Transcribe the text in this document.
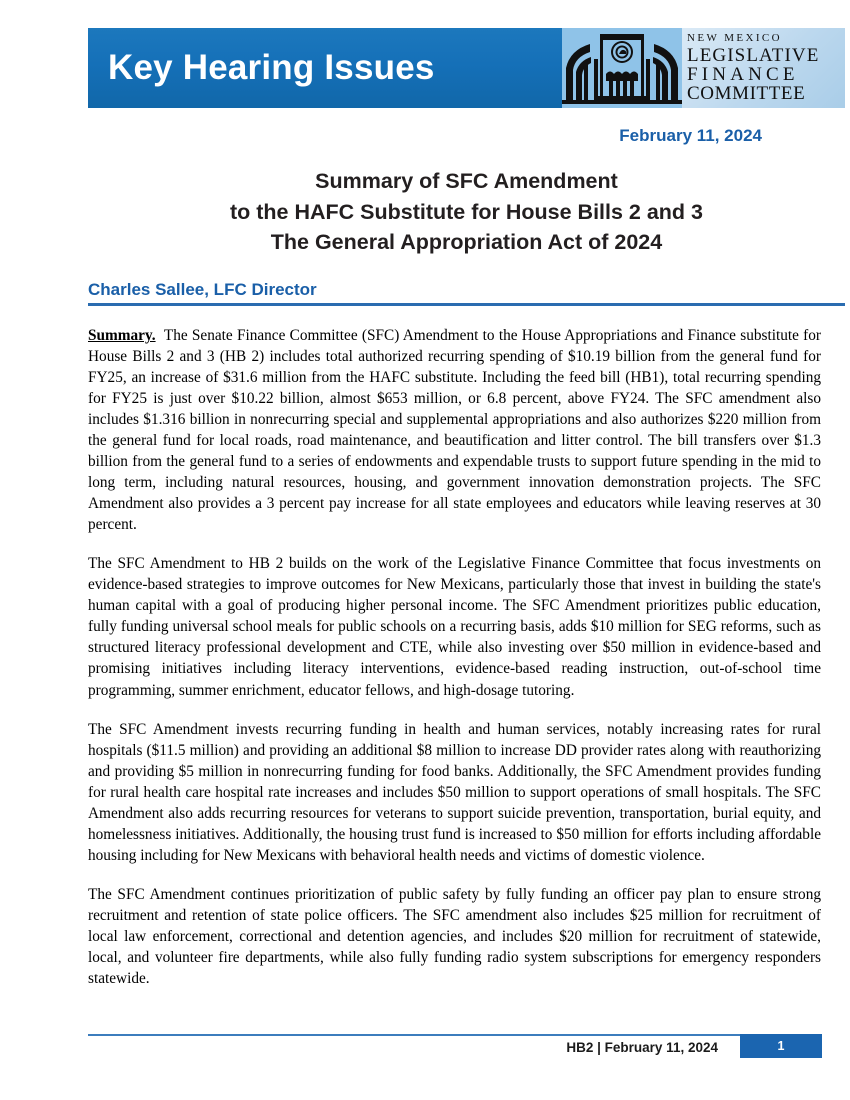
Key Hearing Issues
NEW MEXICO
LEGISLATIVE
FINANCE
COMMITTEE
February 11, 2024
Summary of SFC Amendment
to the HAFC Substitute for House Bills 2 and 3
The General Appropriation Act of 2024
Charles Sallee, LFC Director

Summary. The Senate Finance Committee (SFC) Amendment to the House Appropriations and Finance substitute for House Bills 2 and 3 (HB 2) includes total authorized recurring spending of $10.19 billion from the general fund for FY25, an increase of $31.6 million from the HAFC substitute. Including the feed bill (HB1), total recurring spending for FY25 is just over $10.22 billion, almost $653 million, or 6.8 percent, above FY24. The SFC amendment also includes $1.316 billion in nonrecurring special and supplemental appropriations and also authorizes $220 million from the general fund for local roads, road maintenance, and beautification and litter control. The bill transfers over $1.3 billion from the general fund to a series of endowments and expendable trusts to support future spending in the mid to long term, including natural resources, housing, and government innovation demonstration projects. The SFC Amendment also provides a 3 percent pay increase for all state employees and educators while leaving reserves at 30 percent.

The SFC Amendment to HB 2 builds on the work of the Legislative Finance Committee that focus investments on evidence-based strategies to improve outcomes for New Mexicans, particularly those that invest in building the state's human capital with a goal of producing higher personal income. The SFC Amendment prioritizes public education, fully funding universal school meals for public schools on a recurring basis, adds $10 million for SEG reforms, such as structured literacy professional development and CTE, while also investing over $50 million in evidence-based and promising initiatives including literacy interventions, evidence-based reading instruction, out-of-school time programming, summer enrichment, educator fellows, and high-dosage tutoring.

The SFC Amendment invests recurring funding in health and human services, notably increasing rates for rural hospitals ($11.5 million) and providing an additional $8 million to increase DD provider rates along with reauthorizing and providing $5 million in nonrecurring funding for food banks. Additionally, the SFC Amendment provides funding for rural health care hospital rate increases and includes $50 million to support operations of small hospitals. The SFC Amendment also adds recurring resources for veterans to support suicide prevention, transportation, burial equity, and homelessness initiatives. Additionally, the housing trust fund is increased to $50 million for efforts including affordable housing including for New Mexicans with behavioral health needs and victims of domestic violence.

The SFC Amendment continues prioritization of public safety by fully funding an officer pay plan to ensure strong recruitment and retention of state police officers. The SFC amendment also includes $25 million for recruitment of local law enforcement, correctional and detention agencies, and includes $20 million for recruitment of statewide, local, and volunteer fire departments, while also fully funding radio system subscriptions for emergency responders statewide.

HB2 | February 11, 2024	1
